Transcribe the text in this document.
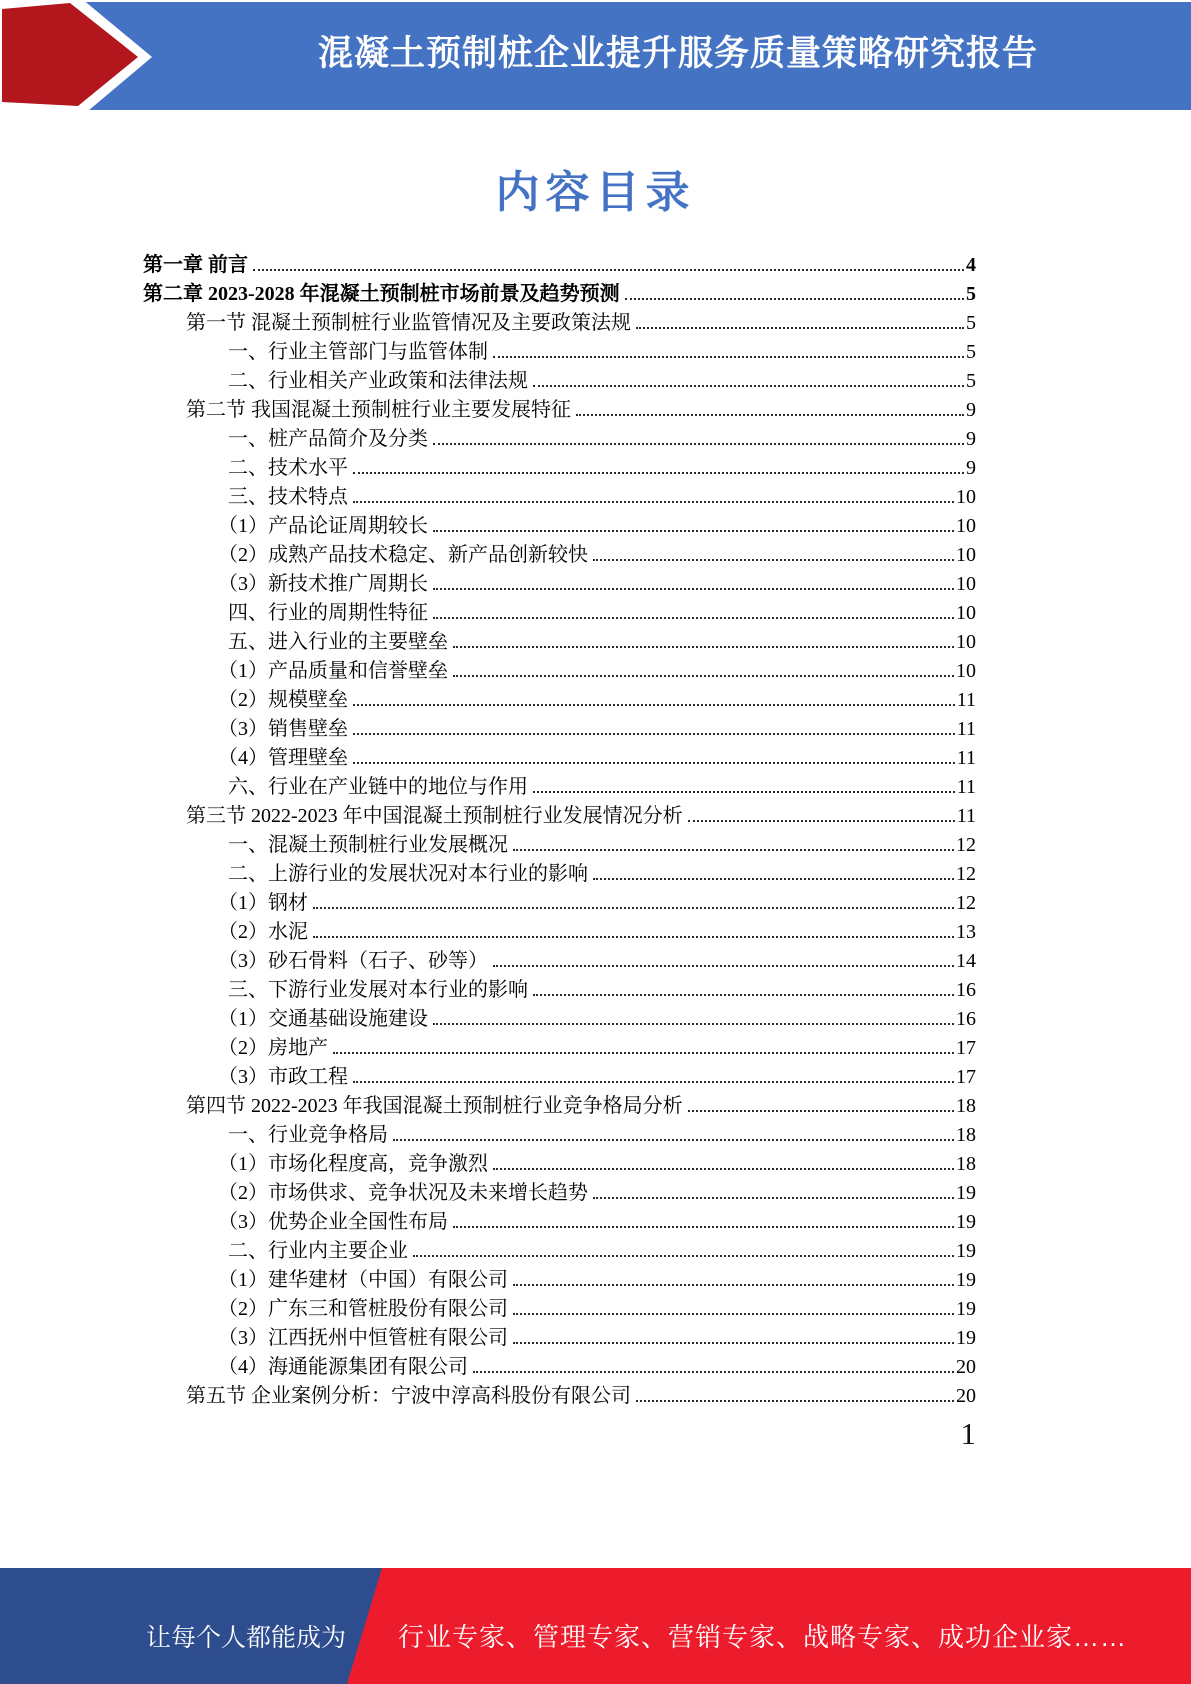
混凝土预制桩企业提升服务质量策略研究报告
内容目录
第一章 前言	4
第二章 2023-2028 年混凝土预制桩市场前景及趋势预测	5
第一节 混凝土预制桩行业监管情况及主要政策法规	5
一、行业主管部门与监管体制	5
二、行业相关产业政策和法律法规	5
第二节 我国混凝土预制桩行业主要发展特征	9
一、桩产品简介及分类	9
二、技术水平	9
三、技术特点	10
（1）产品论证周期较长	10
（2）成熟产品技术稳定、新产品创新较快	10
（3）新技术推广周期长	10
四、行业的周期性特征	10
五、进入行业的主要壁垒	10
（1）产品质量和信誉壁垒	10
（2）规模壁垒	11
（3）销售壁垒	11
（4）管理壁垒	11
六、行业在产业链中的地位与作用	11
第三节 2022-2023 年中国混凝土预制桩行业发展情况分析	11
一、混凝土预制桩行业发展概况	12
二、上游行业的发展状况对本行业的影响	12
（1）钢材	12
（2）水泥	13
（3）砂石骨料（石子、砂等）	14
三、下游行业发展对本行业的影响	16
（1）交通基础设施建设	16
（2）房地产	17
（3）市政工程	17
第四节 2022-2023 年我国混凝土预制桩行业竞争格局分析	18
一、行业竞争格局	18
（1）市场化程度高，竞争激烈	18
（2）市场供求、竞争状况及未来增长趋势	19
（3）优势企业全国性布局	19
二、行业内主要企业	19
（1）建华建材（中国）有限公司	19
（2）广东三和管桩股份有限公司	19
（3）江西抚州中恒管桩有限公司	19
（4）海通能源集团有限公司	20
第五节 企业案例分析：宁波中淳高科股份有限公司	20
1
让每个人都能成为 行业专家、管理专家、营销专家、战略专家、成功企业家……
